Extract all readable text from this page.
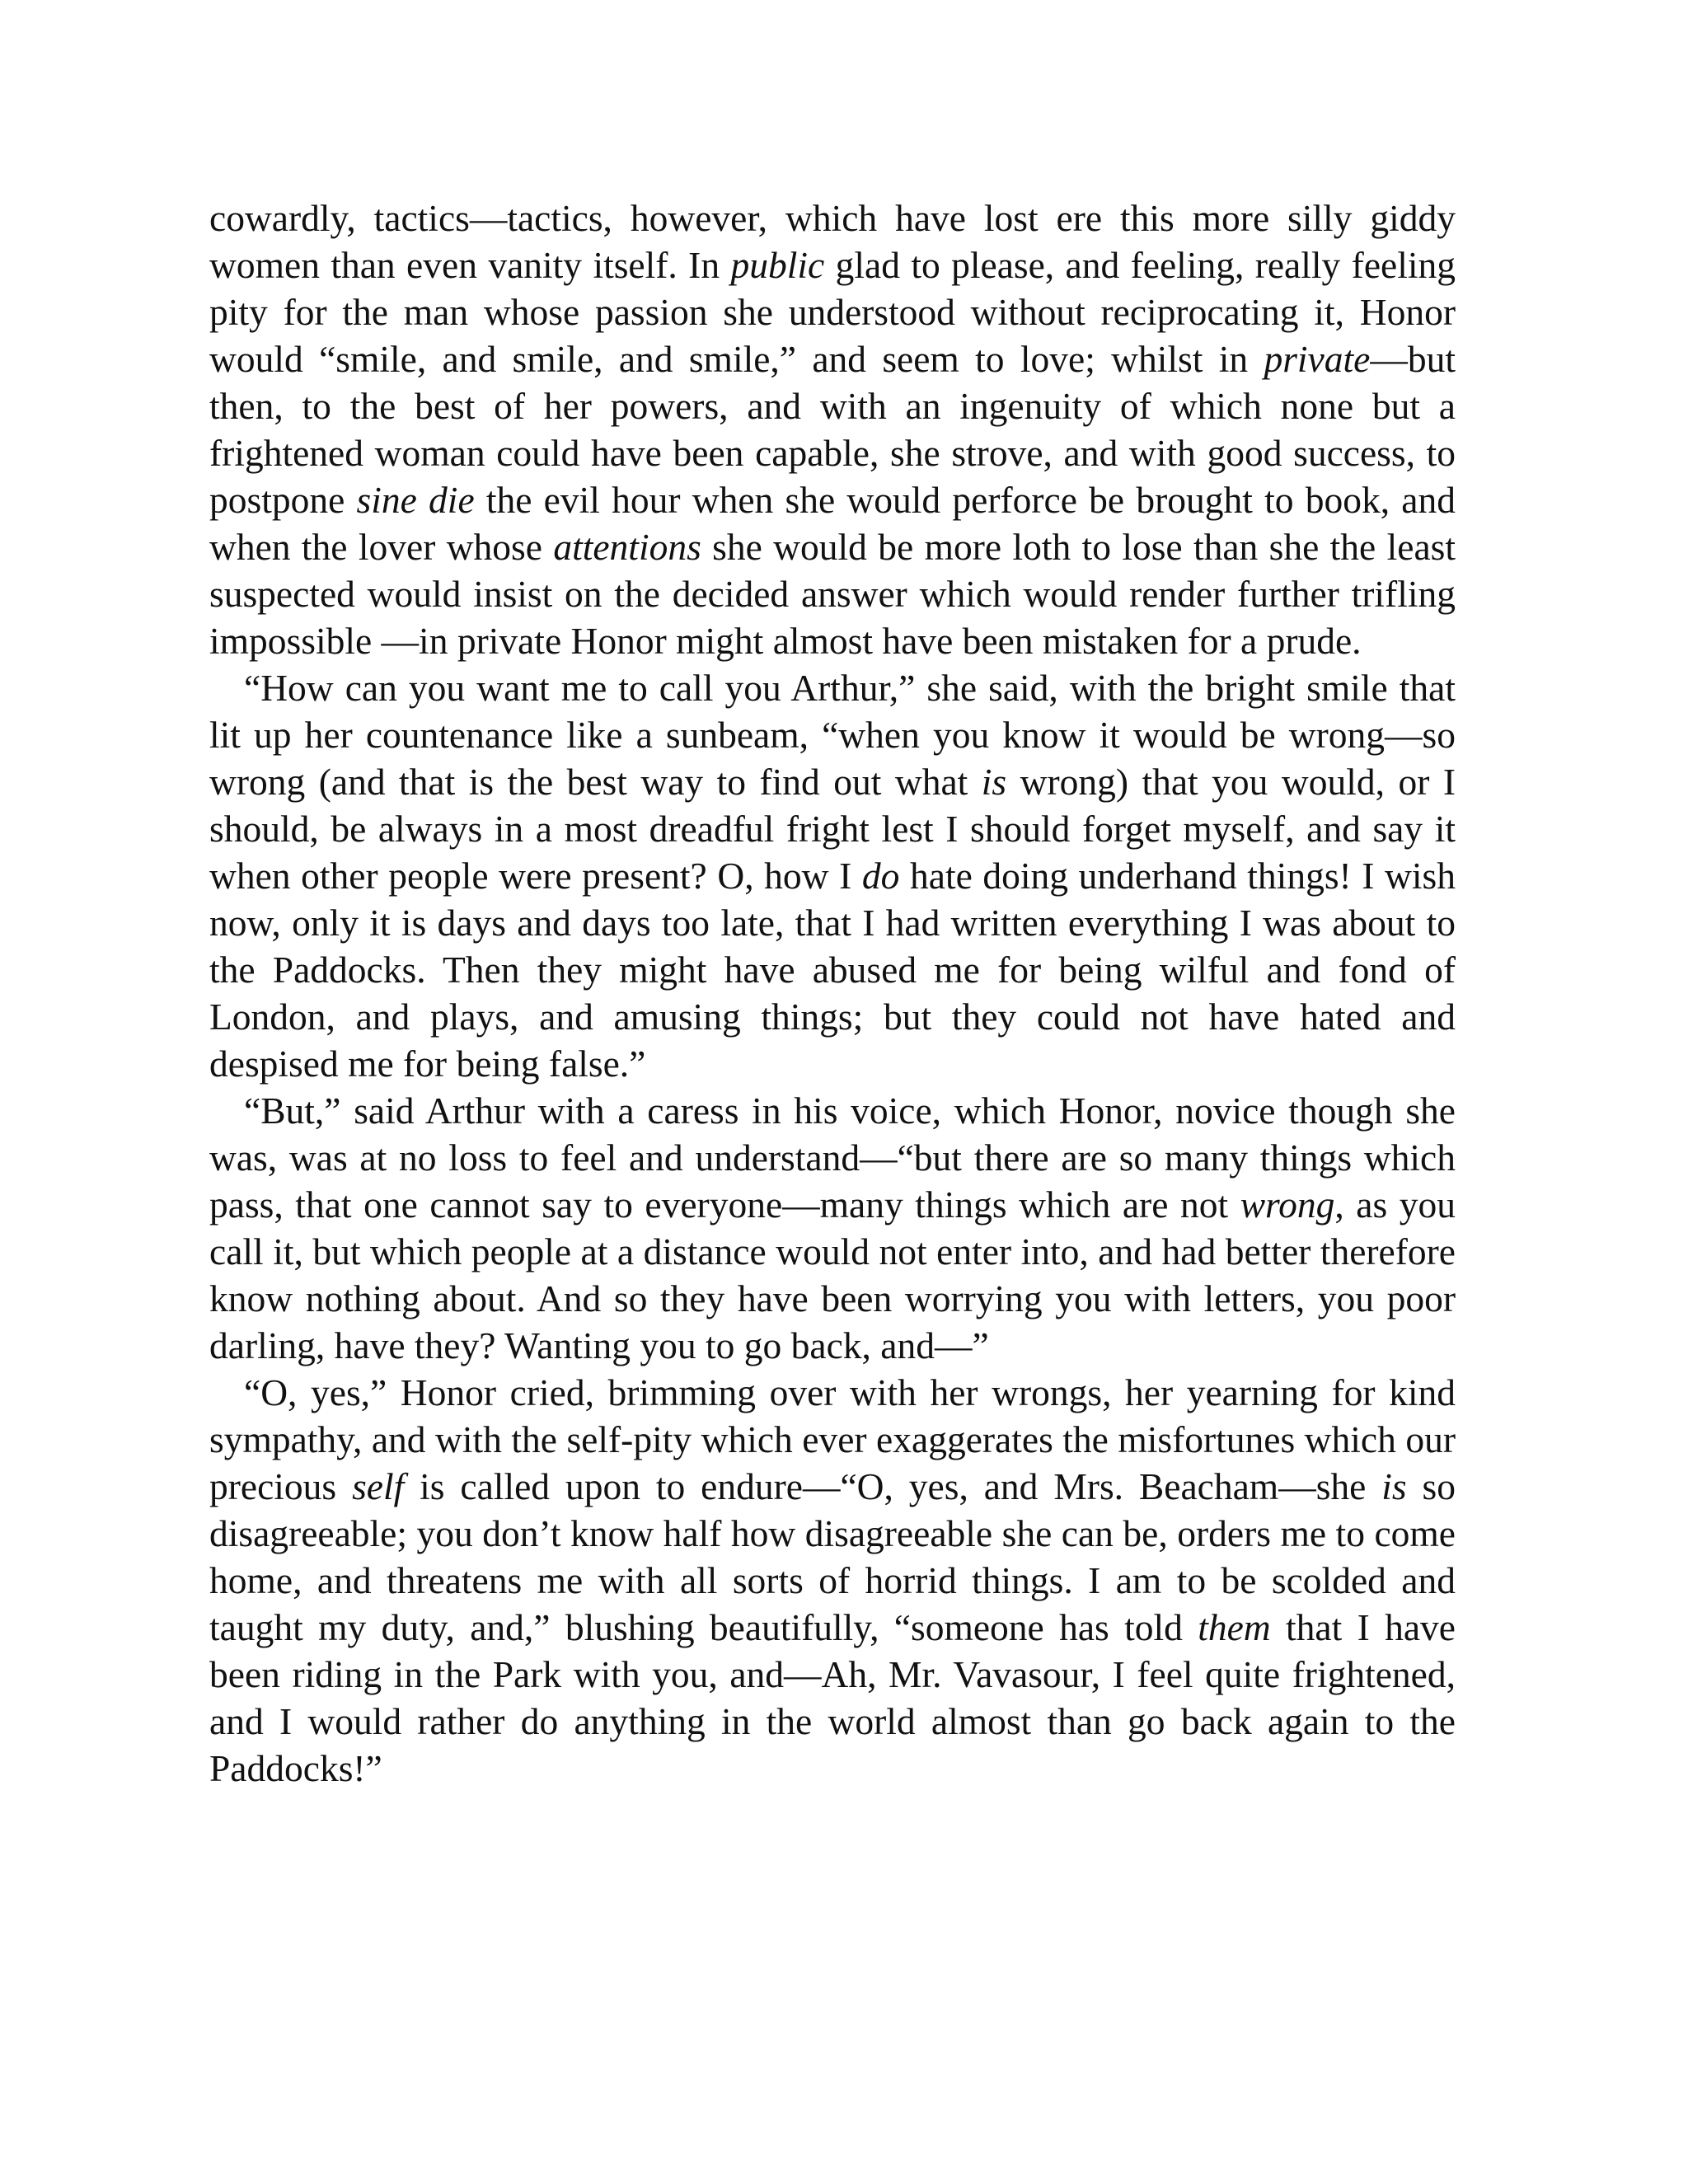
cowardly, tactics—tactics, however, which have lost ere this more silly giddy women than even vanity itself. In public glad to please, and feeling, really feeling pity for the man whose passion she understood without reciprocating it, Honor would “smile, and smile, and smile,” and seem to love; whilst in private—but then, to the best of her powers, and with an ingenuity of which none but a frightened woman could have been capable, she strove, and with good success, to postpone sine die the evil hour when she would perforce be brought to book, and when the lover whose attentions she would be more loth to lose than she the least suspected would insist on the decided answer which would render further trifling impossible —in private Honor might almost have been mistaken for a prude.

“How can you want me to call you Arthur,” she said, with the bright smile that lit up her countenance like a sunbeam, “when you know it would be wrong—so wrong (and that is the best way to find out what is wrong) that you would, or I should, be always in a most dreadful fright lest I should forget myself, and say it when other people were present? O, how I do hate doing underhand things! I wish now, only it is days and days too late, that I had written everything I was about to the Paddocks. Then they might have abused me for being wilful and fond of London, and plays, and amusing things; but they could not have hated and despised me for being false.”

“But,” said Arthur with a caress in his voice, which Honor, novice though she was, was at no loss to feel and understand—“but there are so many things which pass, that one cannot say to everyone—many things which are not wrong, as you call it, but which people at a distance would not enter into, and had better therefore know nothing about. And so they have been worrying you with letters, you poor darling, have they? Wanting you to go back, and—”

“O, yes,” Honor cried, brimming over with her wrongs, her yearning for kind sympathy, and with the self-pity which ever exaggerates the misfortunes which our precious self is called upon to endure—“O, yes, and Mrs. Beacham—she is so disagreeable; you don’t know half how disagreeable she can be, orders me to come home, and threatens me with all sorts of horrid things. I am to be scolded and taught my duty, and,” blushing beautifully, “someone has told them that I have been riding in the Park with you, and—Ah, Mr. Vavasour, I feel quite frightened, and I would rather do anything in the world almost than go back again to the Paddocks!”
